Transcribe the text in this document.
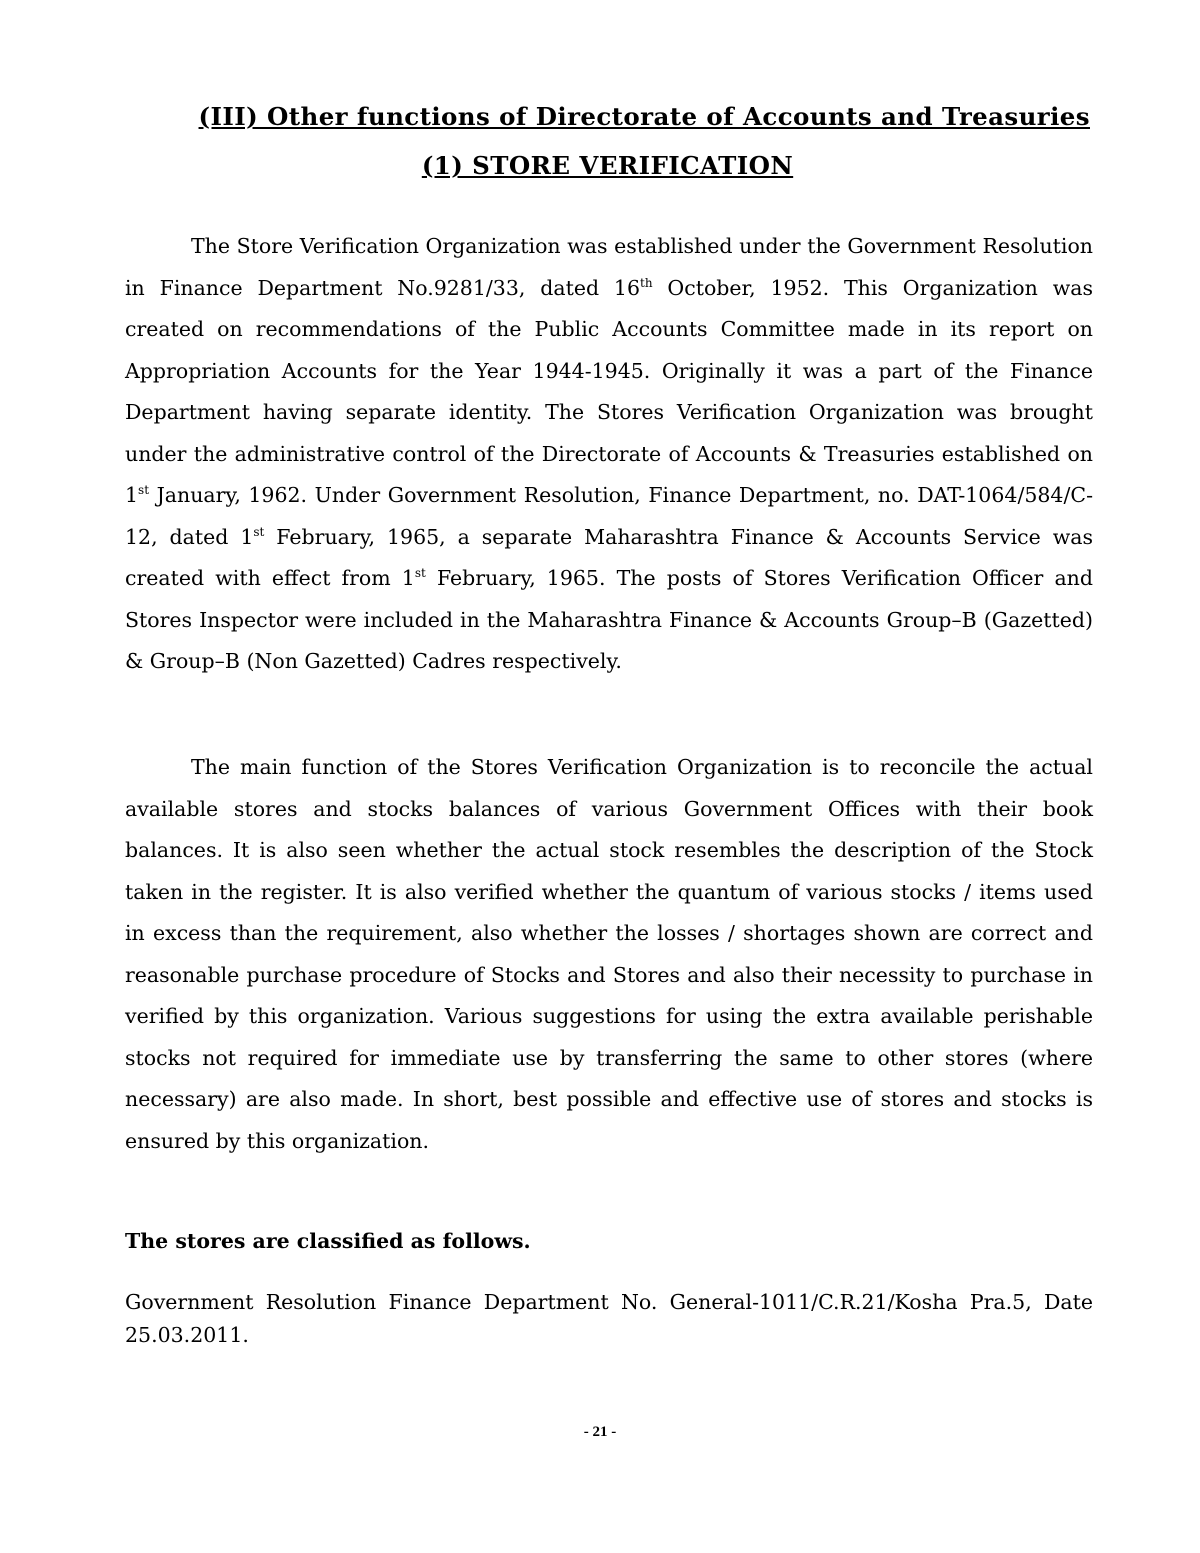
(III) Other functions of Directorate of Accounts and Treasuries
(1) STORE VERIFICATION

The Store Verification Organization was established under the Government Resolution in Finance Department No.9281/33, dated 16th October, 1952. This Organization was created on recommendations of the Public Accounts Committee made in its report on Appropriation Accounts for the Year 1944-1945. Originally it was a part of the Finance Department having separate identity. The Stores Verification Organization was brought under the administrative control of the Directorate of Accounts & Treasuries established on 1st January, 1962. Under Government Resolution, Finance Department, no. DAT-1064/584/C-12, dated 1st February, 1965, a separate Maharashtra Finance & Accounts Service was created with effect from 1st February, 1965. The posts of Stores Verification Officer and Stores Inspector were included in the Maharashtra Finance & Accounts Group–B (Gazetted) & Group–B (Non Gazetted) Cadres respectively.

The main function of the Stores Verification Organization is to reconcile the actual available stores and stocks balances of various Government Offices with their book balances. It is also seen whether the actual stock resembles the description of the Stock taken in the register. It is also verified whether the quantum of various stocks / items used in excess than the requirement, also whether the losses / shortages shown are correct and reasonable purchase procedure of Stocks and Stores and also their necessity to purchase in verified by this organization. Various suggestions for using the extra available perishable stocks not required for immediate use by transferring the same to other stores (where necessary) are also made. In short, best possible and effective use of stores and stocks is ensured by this organization.

The stores are classified as follows.

Government Resolution Finance Department No. General-1011/C.R.21/Kosha Pra.5, Date 25.03.2011.

- 21 -
